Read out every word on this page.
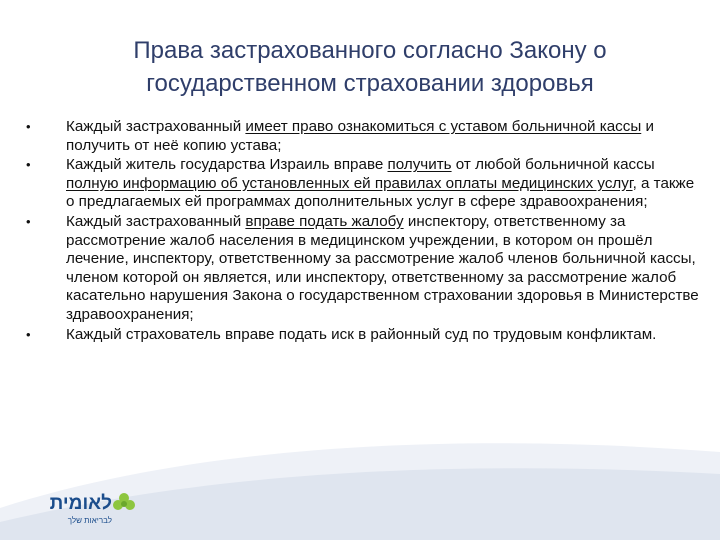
Права застрахованного согласно Закону о
государственном страховании здоровья
•	Каждый застрахованный имеет право ознакомиться с уставом больничной кассы и получить от неё копию устава;
•	Каждый житель государства Израиль вправе получить от любой больничной кассы полную информацию об установленных ей правилах оплаты медицинских услуг, а также о предлагаемых ей программах дополнительных услуг в сфере здравоохранения;
•	Каждый застрахованный вправе подать жалобу инспектору, ответственному за рассмотрение жалоб населения в медицинском учреждении, в котором он прошёл лечение, инспектору, ответственному за рассмотрение жалоб членов больничной кассы, членом которой он является, или инспектору, ответственному за рассмотрение жалоб касательно нарушения Закона о государственном страховании здоровья в Министерстве здравоохранения;
•	Каждый страхователь вправе подать иск в районный суд по трудовым конфликтам.
לאומית
לבריאות שלך
